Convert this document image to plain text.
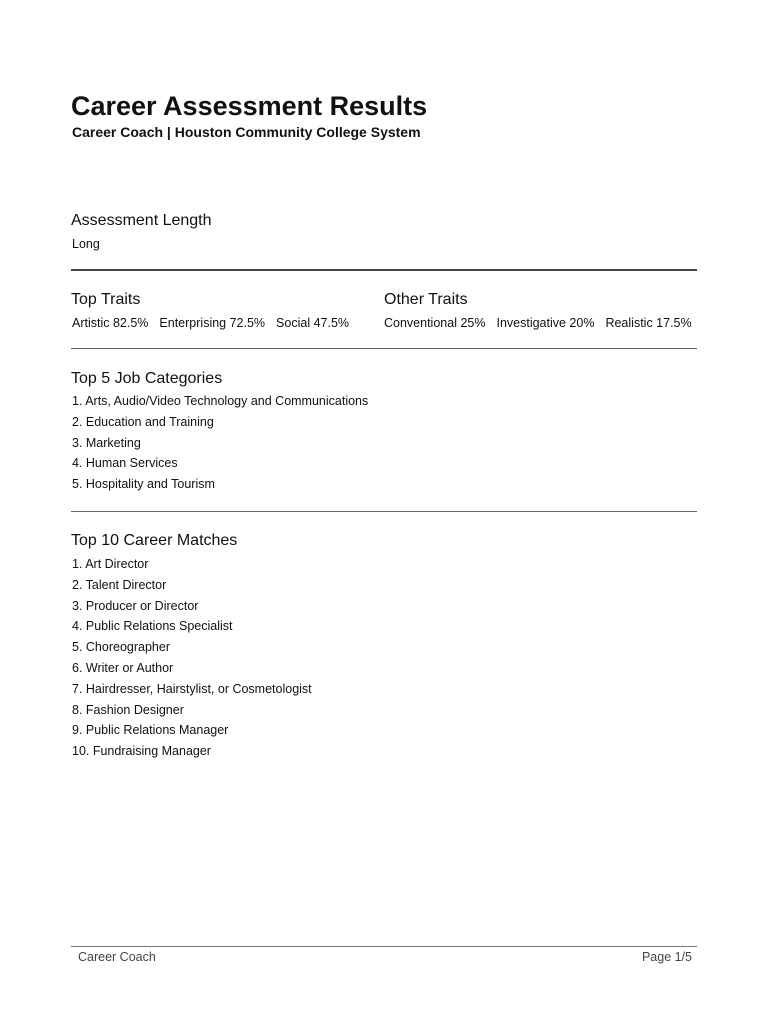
Career Assessment Results
Career Coach | Houston Community College System
Assessment Length
Long
Top Traits
Artistic 82.5% Enterprising 72.5% Social 47.5%
Other Traits
Conventional 25% Investigative 20% Realistic 17.5%
Top 5 Job Categories
1. Arts, Audio/Video Technology and Communications
2. Education and Training
3. Marketing
4. Human Services
5. Hospitality and Tourism
Top 10 Career Matches
1. Art Director
2. Talent Director
3. Producer or Director
4. Public Relations Specialist
5. Choreographer
6. Writer or Author
7. Hairdresser, Hairstylist, or Cosmetologist
8. Fashion Designer
9. Public Relations Manager
10. Fundraising Manager
Career Coach	Page 1/5
